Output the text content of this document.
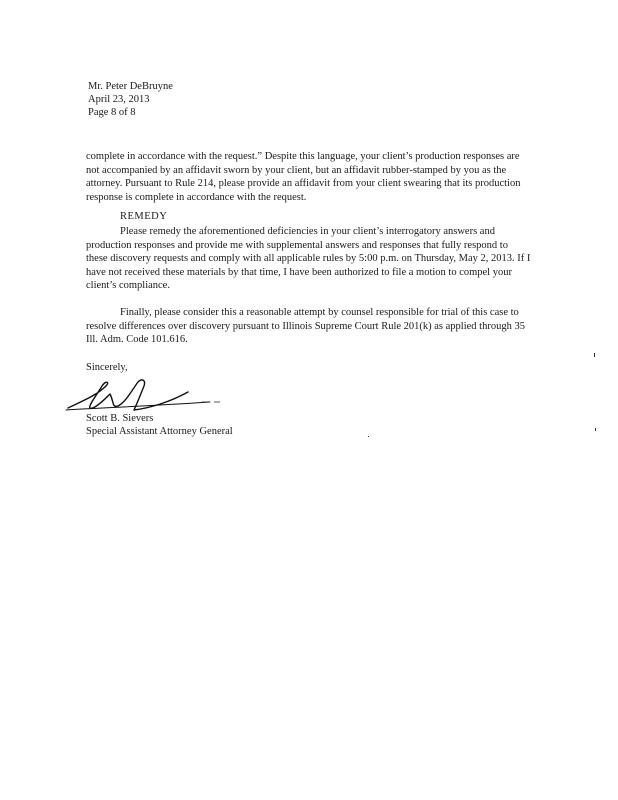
Mr. Peter DeBruyne
April 23, 2013
Page 8 of 8

complete in accordance with the request.” Despite this language, your client’s production responses are not accompanied by an affidavit sworn by your client, but an affidavit rubber-stamped by you as the attorney. Pursuant to Rule 214, please provide an affidavit from your client swearing that its production response is complete in accordance with the request.

REMEDY

Please remedy the aforementioned deficiencies in your client’s interrogatory answers and production responses and provide me with supplemental answers and responses that fully respond to these discovery requests and comply with all applicable rules by 5:00 p.m. on Thursday, May 2, 2013. If I have not received these materials by that time, I have been authorized to file a motion to compel your client’s compliance.

Finally, please consider this a reasonable attempt by counsel responsible for trial of this case to resolve differences over discovery pursuant to Illinois Supreme Court Rule 201(k) as applied through 35 Ill. Adm. Code 101.616.

Sincerely,
Scott B. Sievers
Special Assistant Attorney General
